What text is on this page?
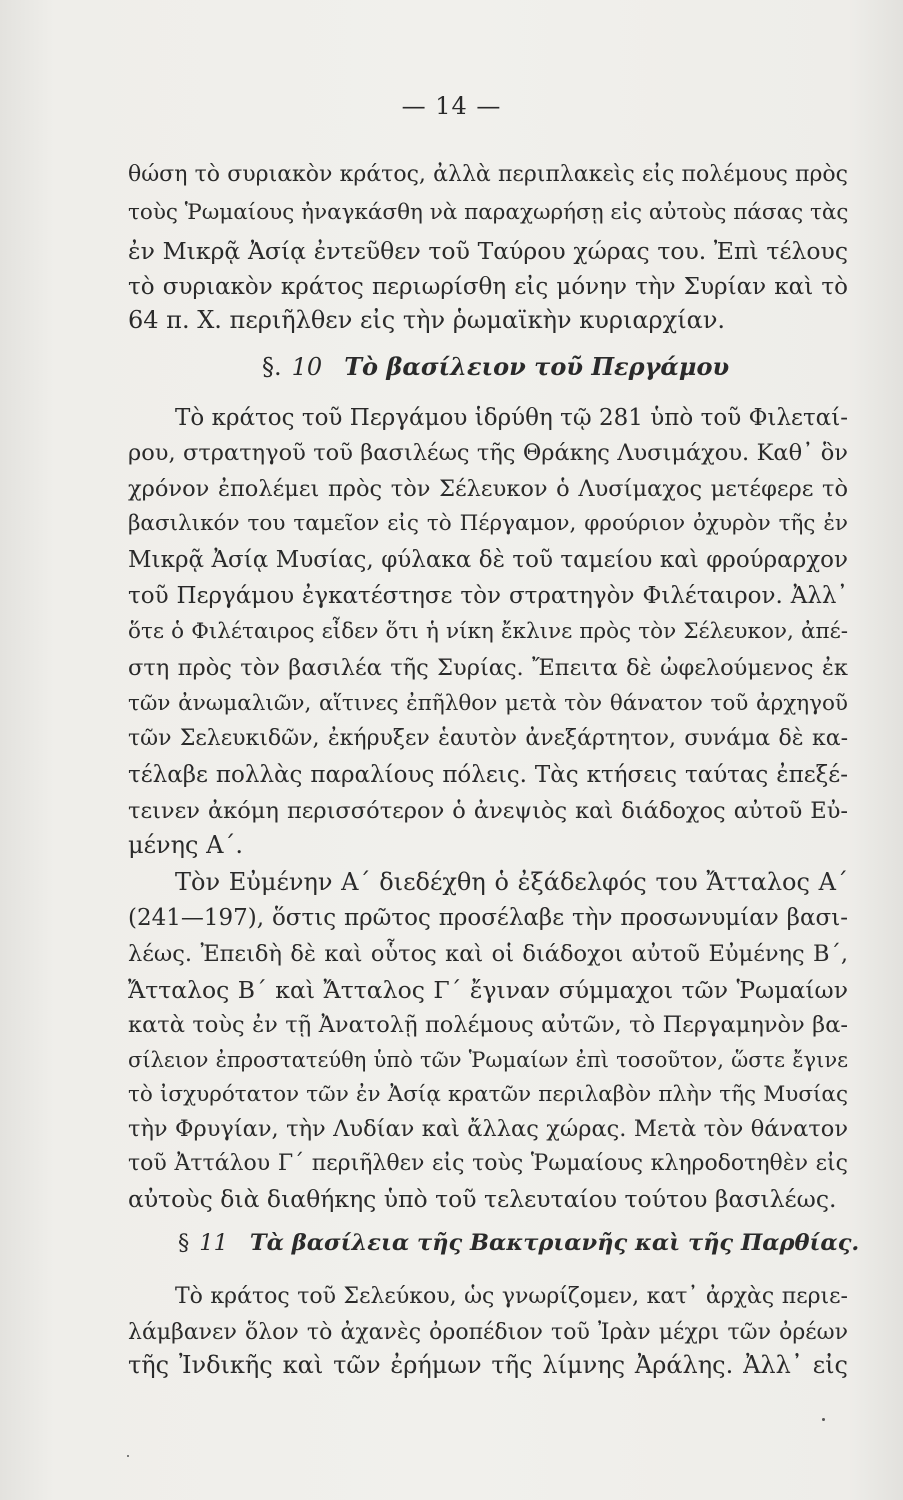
— 14 —
θώση τὸ συριακὸν κράτος, ἀλλὰ περιπλακεὶς εἰς πολέμους πρὸς
τοὺς Ῥωμαίους ἠναγκάσθη νὰ παραχωρήσῃ εἰς αὐτοὺς πάσας τὰς
ἐν Μικρᾷ Ἀσίᾳ ἐντεῦθεν τοῦ Ταύρου χώρας του. Ἐπὶ τέλους
τὸ συριακὸν κράτος περιωρίσθη εἰς μόνην τὴν Συρίαν καὶ τὸ
64 π. Χ. περιῆλθεν εἰς τὴν ῥωμαϊκὴν κυριαρχίαν.
§. 10 Τὸ βασίλειον τοῦ Περγάμου
Τὸ κράτος τοῦ Περγάμου ἱδρύθη τῷ 281 ὑπὸ τοῦ Φιλεταί-
ρου, στρατηγοῦ τοῦ βασιλέως τῆς Θράκης Λυσιμάχου. Καθ᾽ ὃν
χρόνον ἐπολέμει πρὸς τὸν Σέλευκον ὁ Λυσίμαχος μετέφερε τὸ
βασιλικόν του ταμεῖον εἰς τὸ Πέργαμον, φρούριον ὀχυρὸν τῆς ἐν
Μικρᾷ Ἀσίᾳ Μυσίας, φύλακα δὲ τοῦ ταμείου καὶ φρούραρχον
τοῦ Περγάμου ἐγκατέστησε τὸν στρατηγὸν Φιλέταιρον. Ἀλλ᾽
ὅτε ὁ Φιλέταιρος εἶδεν ὅτι ἡ νίκη ἔκλινε πρὸς τὸν Σέλευκον, ἀπέ-
στη πρὸς τὸν βασιλέα τῆς Συρίας. Ἔπειτα δὲ ὠφελούμενος ἐκ
τῶν ἀνωμαλιῶν, αἵτινες ἐπῆλθον μετὰ τὸν θάνατον τοῦ ἀρχηγοῦ
τῶν Σελευκιδῶν, ἐκήρυξεν ἑαυτὸν ἀνεξάρτητον, συνάμα δὲ κα-
τέλαβε πολλὰς παραλίους πόλεις. Τὰς κτήσεις ταύτας ἐπεξέ-
τεινεν ἀκόμη περισσότερον ὁ ἀνεψιὸς καὶ διάδοχος αὐτοῦ Εὐ-
μένης Α΄.
Τὸν Εὐμένην Α΄ διεδέχθη ὁ ἐξάδελφός του Ἄτταλος Α΄
(241—197), ὅστις πρῶτος προσέλαβε τὴν προσωνυμίαν βασι-
λέως. Ἐπειδὴ δὲ καὶ οὗτος καὶ οἱ διάδοχοι αὐτοῦ Εὐμένης Β΄,
Ἄτταλος Β΄ καὶ Ἄτταλος Γ΄ ἔγιναν σύμμαχοι τῶν Ῥωμαίων
κατὰ τοὺς ἐν τῇ Ἀνατολῇ πολέμους αὐτῶν, τὸ Περγαμηνὸν βα-
σίλειον ἐπροστατεύθη ὑπὸ τῶν Ῥωμαίων ἐπὶ τοσοῦτον, ὥστε ἔγινε
τὸ ἰσχυρότατον τῶν ἐν Ἀσίᾳ κρατῶν περιλαβὸν πλὴν τῆς Μυσίας
τὴν Φρυγίαν, τὴν Λυδίαν καὶ ἄλλας χώρας. Μετὰ τὸν θάνατον
τοῦ Ἀττάλου Γ΄ περιῆλθεν εἰς τοὺς Ῥωμαίους κληροδοτηθὲν εἰς
αὐτοὺς διὰ διαθήκης ὑπὸ τοῦ τελευταίου τούτου βασιλέως.
§ 11 Τὰ βασίλεια τῆς Βακτριανῆς καὶ τῆς Παρθίας.
Τὸ κράτος τοῦ Σελεύκου, ὡς γνωρίζομεν, κατ᾽ ἀρχὰς περιε-
λάμβανεν ὅλον τὸ ἀχανὲς ὀροπέδιον τοῦ Ἰρὰν μέχρι τῶν ὀρέων
τῆς Ἰνδικῆς καὶ τῶν ἐρήμων τῆς λίμνης Ἀράλης. Ἀλλ᾽ εἰς
